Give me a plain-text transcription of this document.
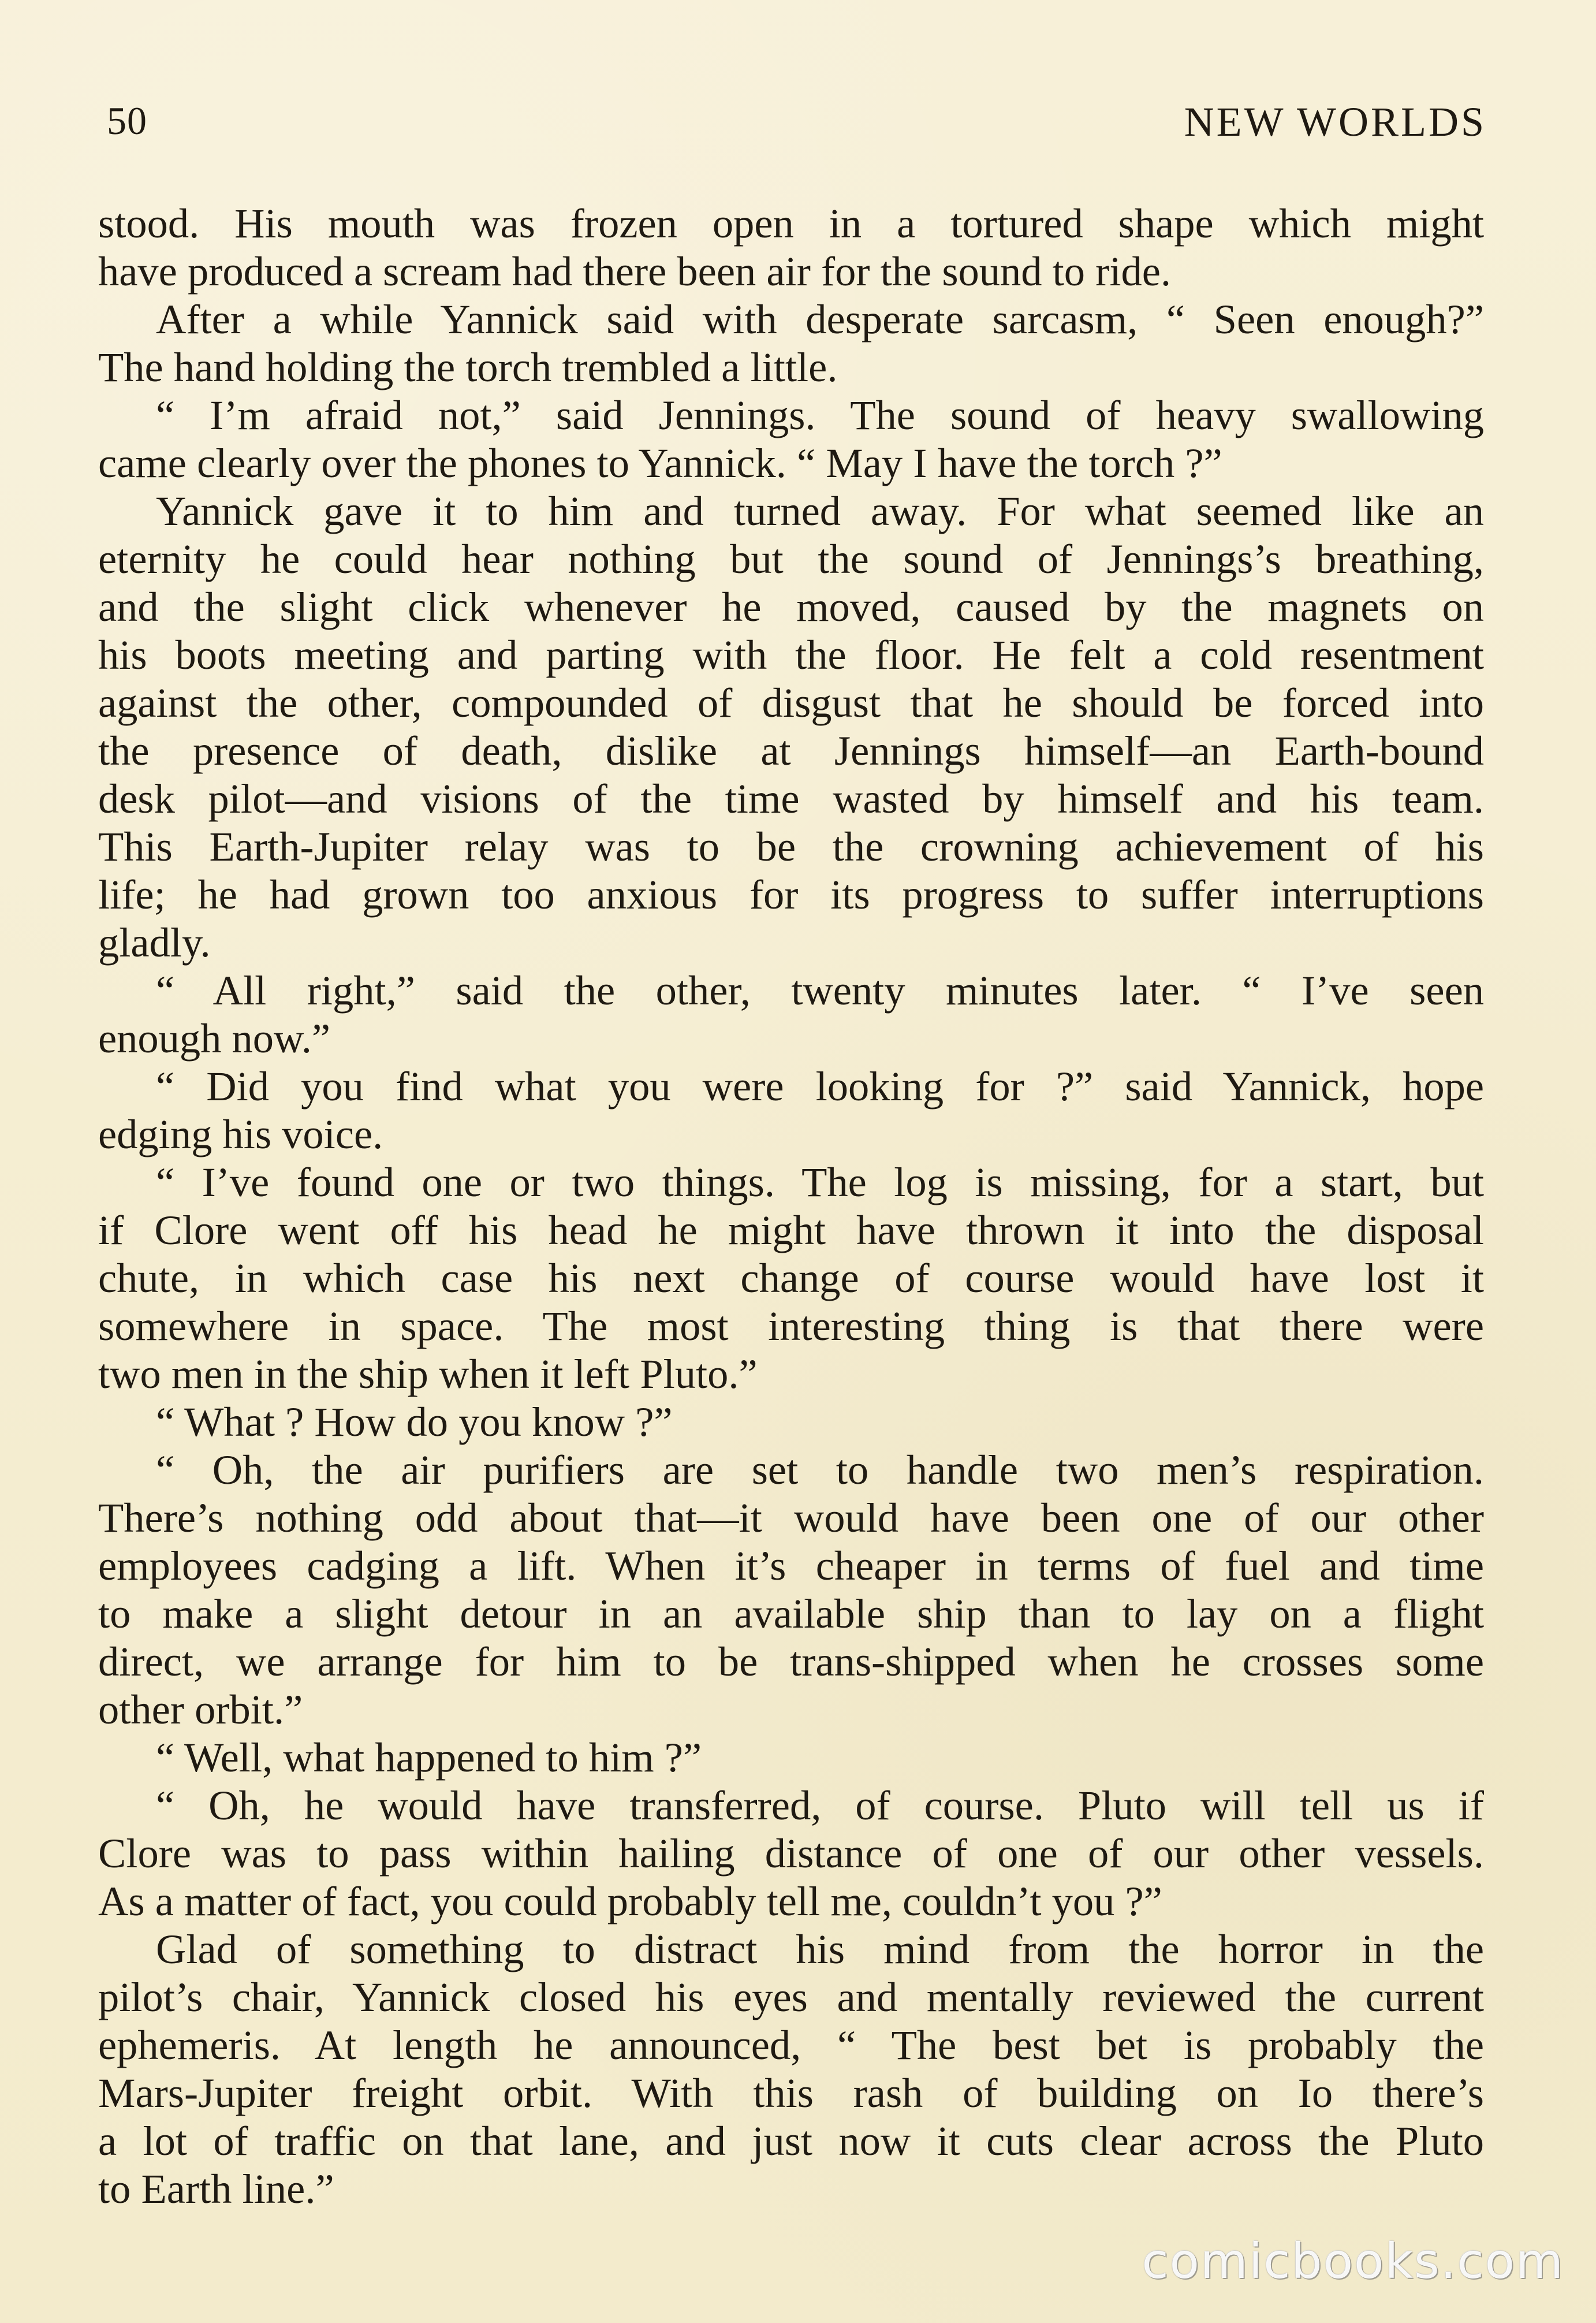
50	NEW WORLDS
stood. His mouth was frozen open in a tortured shape which might
have produced a scream had there been air for the sound to ride.
After a while Yannick said with desperate sarcasm, “ Seen enough?”
The hand holding the torch trembled a little.
“ I’m afraid not,” said Jennings. The sound of heavy swallowing
came clearly over the phones to Yannick. “ May I have the torch ?”
Yannick gave it to him and turned away. For what seemed like an
eternity he could hear nothing but the sound of Jennings’s breathing,
and the slight click whenever he moved, caused by the magnets on
his boots meeting and parting with the floor. He felt a cold resentment
against the other, compounded of disgust that he should be forced into
the presence of death, dislike at Jennings himself—an Earth-bound
desk pilot—and visions of the time wasted by himself and his team.
This Earth-Jupiter relay was to be the crowning achievement of his
life; he had grown too anxious for its progress to suffer interruptions
gladly.
“ All right,” said the other, twenty minutes later. “ I’ve seen
enough now.”
“ Did you find what you were looking for ?” said Yannick, hope
edging his voice.
“ I’ve found one or two things. The log is missing, for a start, but
if Clore went off his head he might have thrown it into the disposal
chute, in which case his next change of course would have lost it
somewhere in space. The most interesting thing is that there were
two men in the ship when it left Pluto.”
“ What ? How do you know ?”
“ Oh, the air purifiers are set to handle two men’s respiration.
There’s nothing odd about that—it would have been one of our other
employees cadging a lift. When it’s cheaper in terms of fuel and time
to make a slight detour in an available ship than to lay on a flight
direct, we arrange for him to be trans-shipped when he crosses some
other orbit.”
“ Well, what happened to him ?”
“ Oh, he would have transferred, of course. Pluto will tell us if
Clore was to pass within hailing distance of one of our other vessels.
As a matter of fact, you could probably tell me, couldn’t you ?”
Glad of something to distract his mind from the horror in the
pilot’s chair, Yannick closed his eyes and mentally reviewed the current
ephemeris. At length he announced, “ The best bet is probably the
Mars-Jupiter freight orbit. With this rash of building on Io there’s
a lot of traffic on that lane, and just now it cuts clear across the Pluto
to Earth line.”
comicbooks.com
